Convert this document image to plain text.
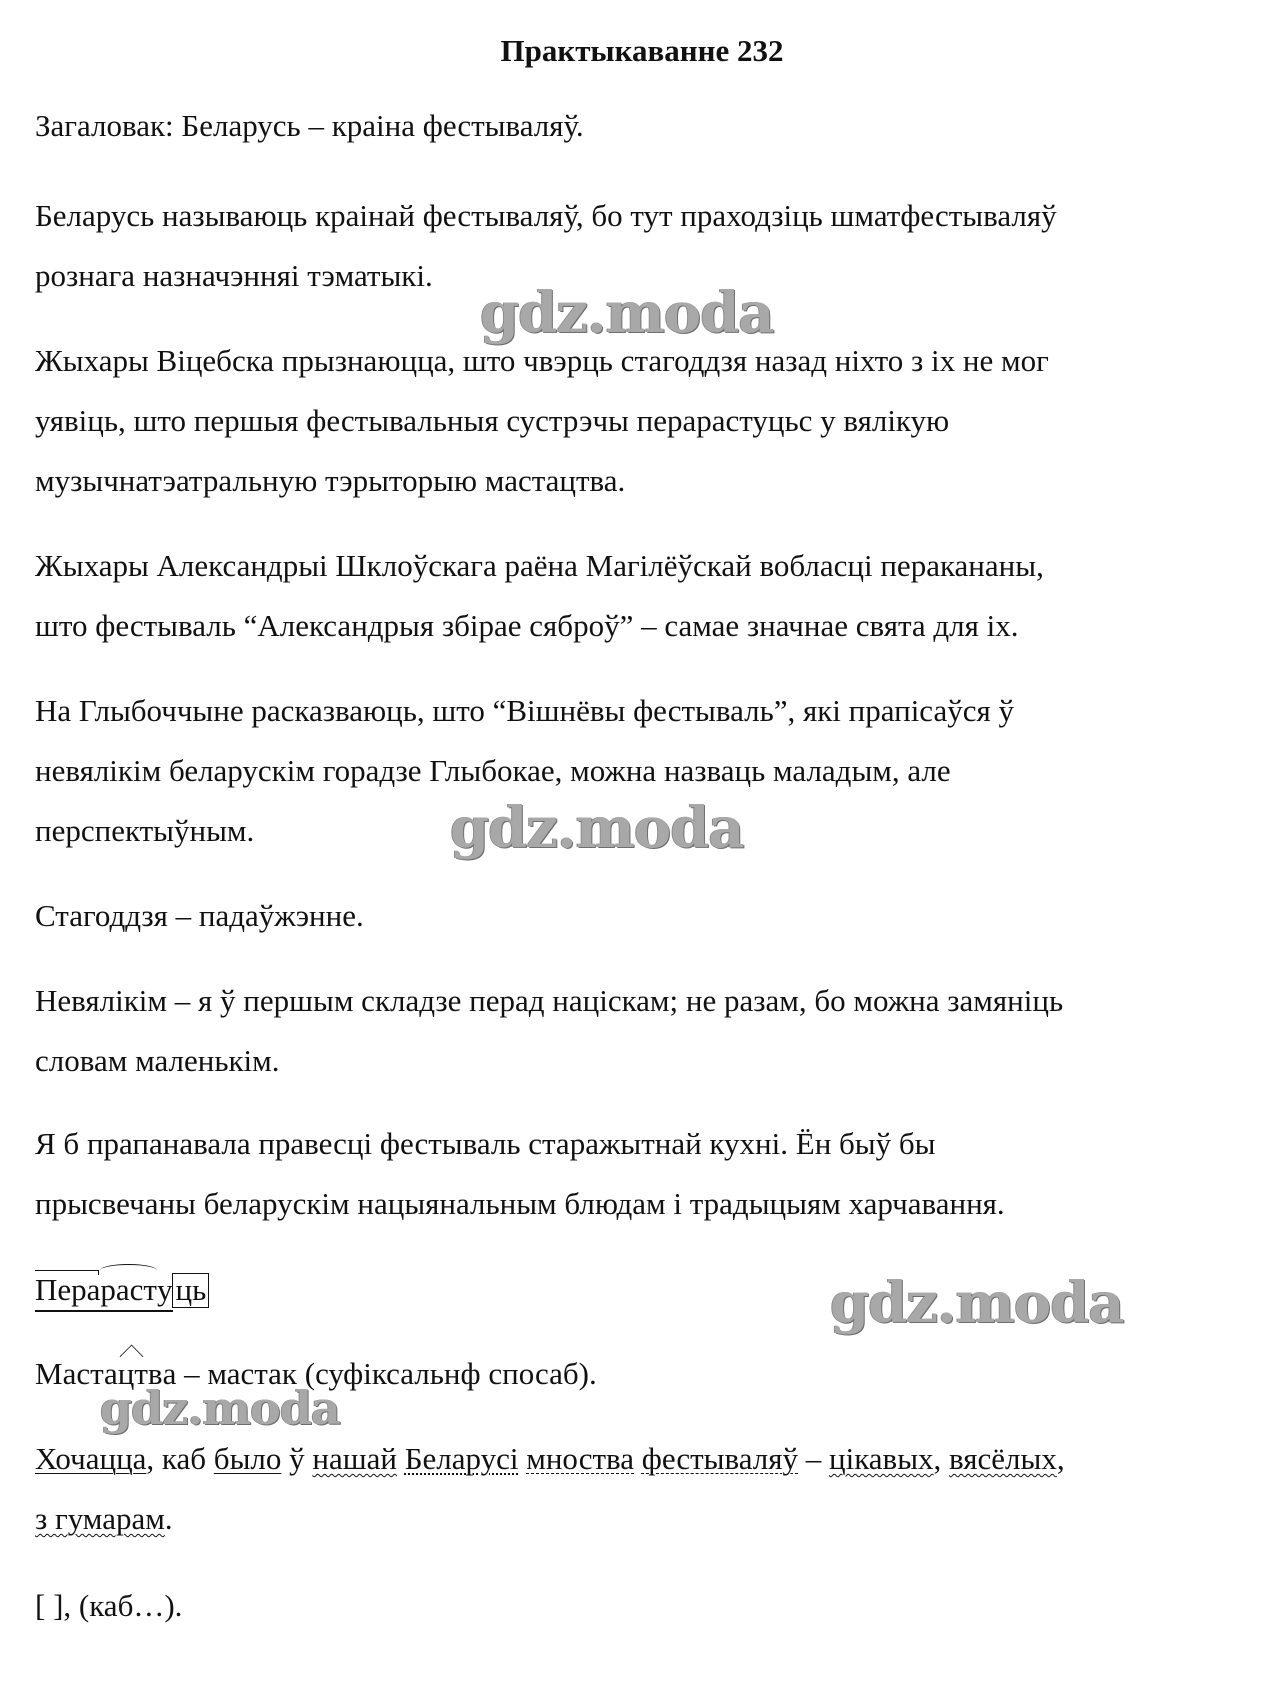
Практыкаванне 232
Загаловак: Беларусь – краіна фестываляў.
Беларусь называюць краінай фестываляў, бо тут праходзіць шматфестываляў
рознага назначэнняі тэматыкі.
Жыхары Віцебска прызнаюцца, што чвэрць стагоддзя назад ніхто з іх не мог
уявіць, што першыя фестывальныя сустрэчы перарастуцьс у вялікую
музычнатэатральную тэрыторыю мастацтва.
Жыхары Александрыі Шклоўскага раёна Магілёўскай вобласці перакананы,
што фестываль “Александрыя збірае сяброў” – самае значнае свята для іх.
На Глыбоччыне расказваюць, што “Вішнёвы фестываль”, які прапісаўся ў
невялікім беларускім горадзе Глыбокае, можна назваць маладым, але
перспектыўным.
Стагоддзя – падаўжэнне.
Невялікім – я ў першым складзе перад націскам; не разам, бо можна замяніць
словам маленькім.
Я б прапанавала правесці фестываль старажытнай кухні. Ён быў бы
прысвечаны беларускім нацыянальным блюдам і традыцыям харчавання.
Перарастуць
Мастацтва – мастак (суфіксальнф спосаб).
Хочацца, каб было ў нашай Беларусі мноства фестываляў – цікавых, вясёлых,
з гумарам.
[ ], (каб…).
gdz.moda
gdz.moda
gdz.moda
gdz.moda
